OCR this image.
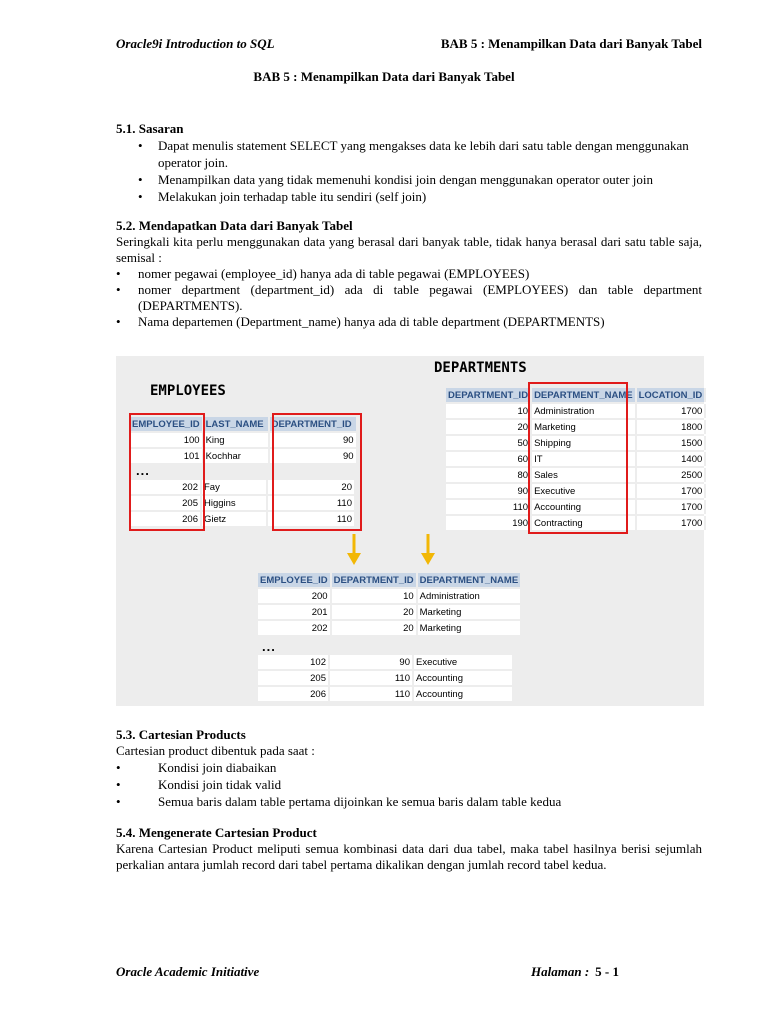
Oracle9i Introduction to SQL	BAB 5 : Menampilkan Data dari Banyak Tabel
BAB 5 : Menampilkan Data dari Banyak Tabel

5.1. Sasaran

• Dapat menulis statement SELECT yang mengakses data ke lebih dari satu table dengan menggunakan operator join.
• Menampilkan data yang tidak memenuhi kondisi join dengan menggunakan operator outer join
• Melakukan join terhadap table itu sendiri (self join)

5.2. Mendapatkan Data dari Banyak Tabel

Seringkali kita perlu menggunakan data yang berasal dari banyak table, tidak hanya berasal dari satu table saja, semisal :

• nomer pegawai (employee_id) hanya ada di table pegawai (EMPLOYEES)
• nomer department (department_id) ada di table pegawai (EMPLOYEES) dan table department (DEPARTMENTS).
• Nama departemen (Department_name) hanya ada di table department (DEPARTMENTS)
EMPLOYEES
DEPARTMENTS
EMPLOYEE_ID	LAST_NAME	DEPARTMENT_ID
100	King	90
101	Kochhar	90
...
202	Fay	20
205	Higgins	110
206	Gietz	110
DEPARTMENT_ID	DEPARTMENT_NAME	LOCATION_ID
10	Administration	1700
20	Marketing	1800
50	Shipping	1500
60	IT	1400
80	Sales	2500
90	Executive	1700
110	Accounting	1700
190	Contracting	1700
EMPLOYEE_ID	DEPARTMENT_ID	DEPARTMENT_NAME
200	10	Administration
201	20	Marketing
202	20	Marketing
...
102	90	Executive
205	110	Accounting
206	110	Accounting

5.3. Cartesian Products

Cartesian product dibentuk pada saat :

•	Kondisi join diabaikan
•	Kondisi join tidak valid
•	Semua baris dalam table pertama dijoinkan ke semua baris dalam table kedua

5.4. Mengenerate Cartesian Product

Karena Cartesian Product meliputi semua kombinasi data dari dua tabel, maka tabel hasilnya berisi sejumlah perkalian antara jumlah record dari tabel pertama dikalikan dengan jumlah record tabel kedua.

Oracle Academic Initiative	Halaman : 5 - 1
